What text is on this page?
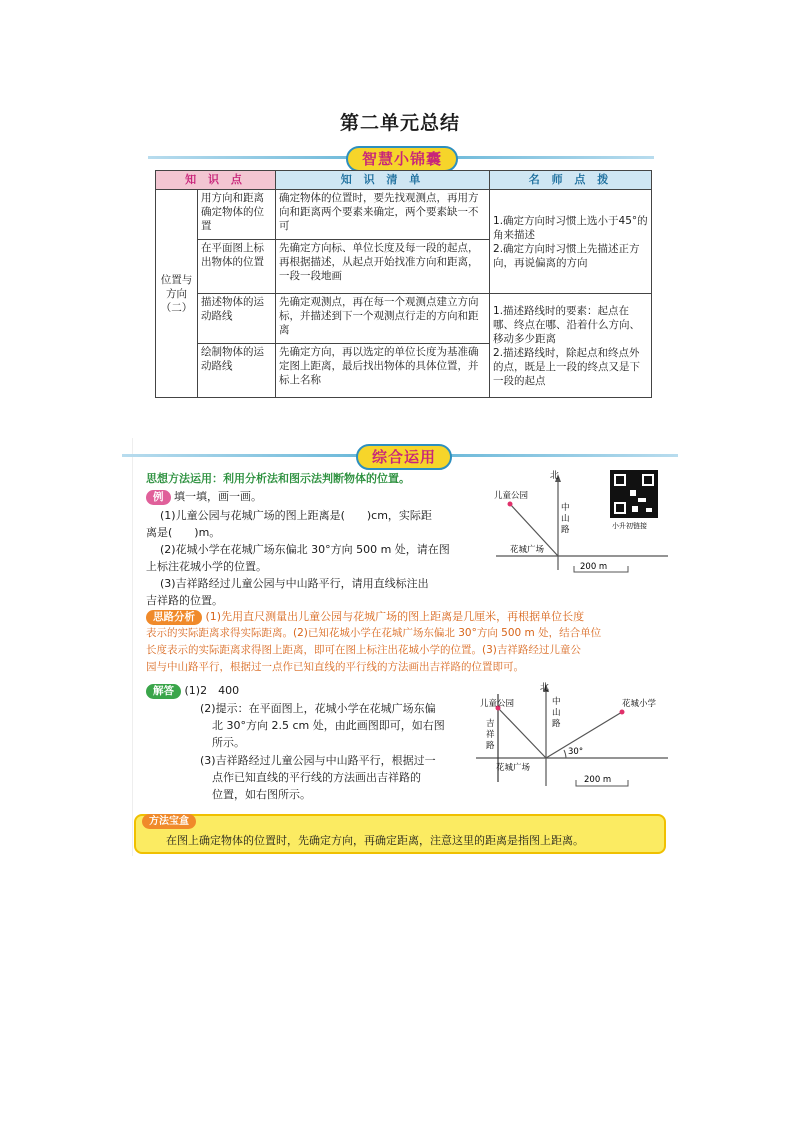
第二单元总结
智慧小锦囊
知 识 点		知 识 清 单	名 师 点 拨
位置与方向（二）	用方向和距离确定物体的位置	确定物体的位置时，要先找观测点，再用方向和距离两个要素来确定，两个要素缺一不可	1.确定方向时习惯上选小于45°的角来描述
2.确定方向时习惯上先描述正方向，再说偏离的方向
	在平面图上标出物体的位置	先确定方向标、单位长度及每一段的起点，再根据描述，从起点开始找准方向和距离，一段一段地画	
	描述物体的运动路线	先确定观测点，再在每一个观测点建立方向标，并描述到下一个观测点行走的方向和距离	1.描述路线时的要素：起点在哪、终点在哪、沿着什么方向、移动多少距离
2.描述路线时，除起点和终点外的点，既是上一段的终点又是下一段的起点
	绘制物体的运动路线	先确定方向，再以选定的单位长度为基准确定图上距离，最后找出物体的具体位置，并标上名称	
综合运用
思想方法运用：利用分析法和图示法判断物体的位置。
例 填一填，画一画。
(1)儿童公园与花城广场的图上距离是(　　)cm，实际距
离是(　　)m。
(2)花城小学在花城广场东偏北 30°方向 500 m 处，请在图
上标注花城小学的位置。
(3)吉祥路经过儿童公园与中山路平行，请用直线标注出
吉祥路的位置。
北
儿童公园
中山路
花城广场
200 m
小升初链接
思路分析 (1)先用直尺测量出儿童公园与花城广场的图上距离是几厘米，再根据单位长度
表示的实际距离求得实际距离。(2)已知花城小学在花城广场东偏北 30°方向 500 m 处，结合单位
长度表示的实际距离求得图上距离，即可在图上标注出花城小学的位置。(3)吉祥路经过儿童公
园与中山路平行，根据过一点作已知直线的平行线的方法画出吉祥路的位置即可。
解答 (1)2　400
(2)提示：在平面图上，花城小学在花城广场东偏
北 30°方向 2.5 cm 处，由此画图即可，如右图
所示。
(3)吉祥路经过儿童公园与中山路平行，根据过一
点作已知直线的平行线的方法画出吉祥路的
位置，如右图所示。
北
儿童公园
吉祥路
中山路
花城小学
30°
花城广场
200 m
方法宝盒
在图上确定物体的位置时，先确定方向，再确定距离，注意这里的距离是指图上距离。
